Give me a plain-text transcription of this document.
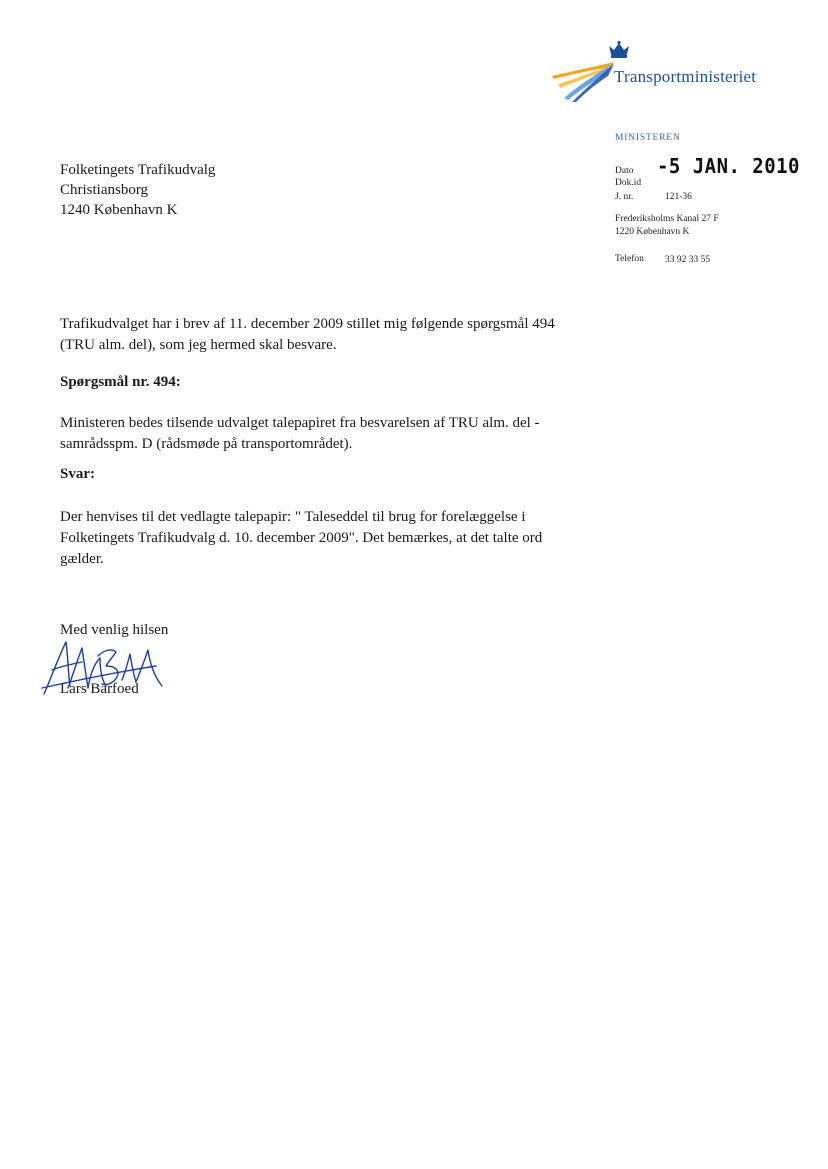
Transportministeriet
MINISTEREN
Dato -5 JAN. 2010
Dok.id
J. nr.	121-36
Frederiksholms Kanal 27 F
1220 København K
Telefon 33 92 33 55
Folketingets Trafikudvalg
Christiansborg
1240 København K
Trafikudvalget har i brev af 11. december 2009 stillet mig følgende spørgsmål 494 (TRU alm. del), som jeg hermed skal besvare.
Spørgsmål nr. 494:
Ministeren bedes tilsende udvalget talepapiret fra besvarelsen af TRU alm. del - samrådsspm. D (rådsmøde på transportområdet).
Svar:
Der henvises til det vedlagte talepapir: " Taleseddel til brug for forelæggelse i Folketingets Trafikudvalg d. 10. december 2009". Det bemærkes, at det talte ord gælder.
Med venlig hilsen
Lars Barfoed
